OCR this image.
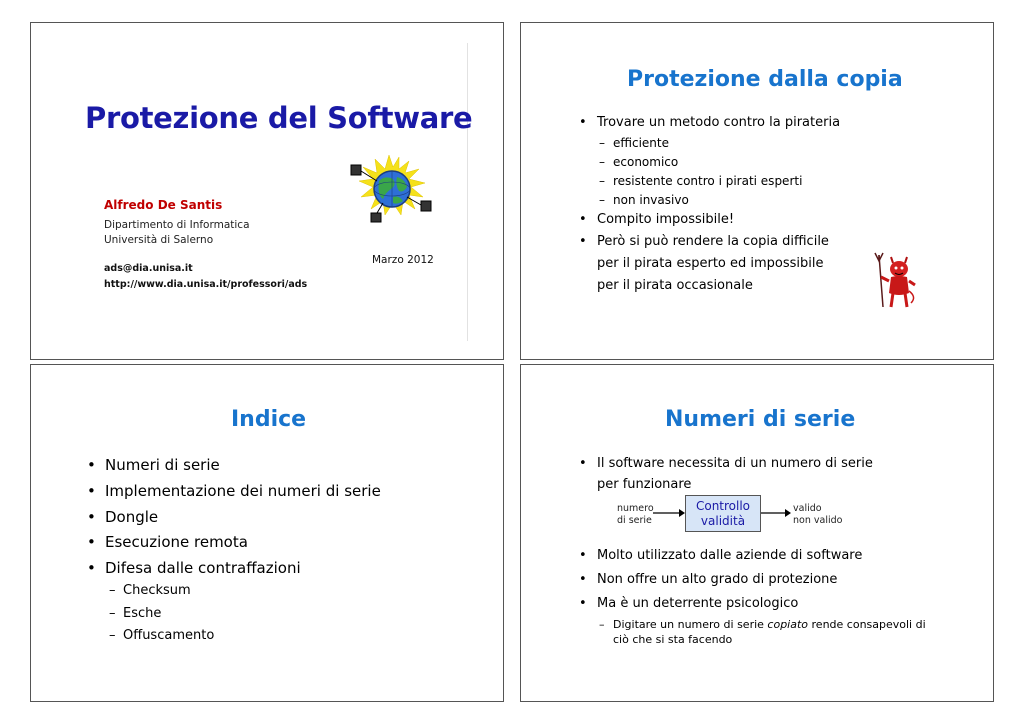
Protezione del Software
Alfredo De Santis
Dipartimento di Informatica
Università di Salerno
ads@dia.unisa.it
http://www.dia.unisa.it/professori/ads
Marzo 2012
Protezione dalla copia
• Trovare un metodo contro la pirateria
– efficiente
– economico
– resistente contro i pirati esperti
– non invasivo
• Compito impossibile!
• Però si può rendere la copia difficile
per il pirata esperto ed impossibile
per il pirata occasionale
Indice
• Numeri di serie
• Implementazione dei numeri di serie
• Dongle
• Esecuzione remota
• Difesa dalle contraffazioni
– Checksum
– Esche
– Offuscamento
Numeri di serie
• Il software necessita di un numero di serie
per funzionare
numero
di serie
Controllo
validità
valido
non valido
• Molto utilizzato dalle aziende di software
• Non offre un alto grado di protezione
• Ma è un deterrente psicologico
– Digitare un numero di serie copiato rende consapevoli di
ciò che si sta facendo
